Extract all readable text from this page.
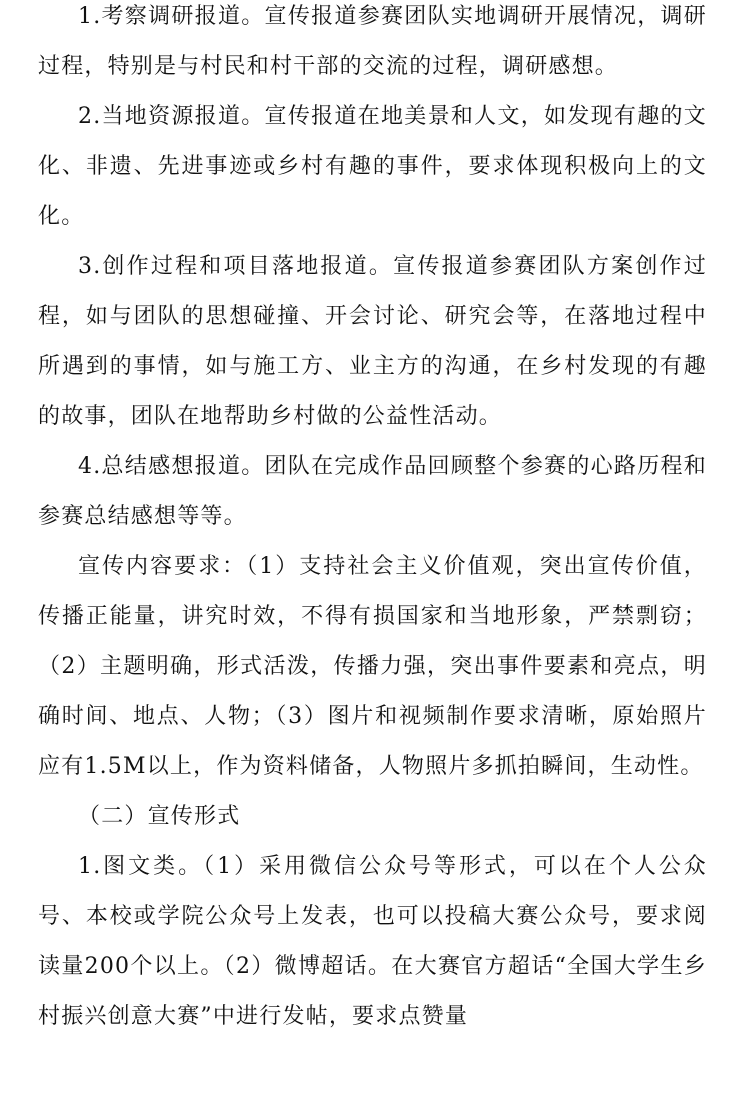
1.考察调研报道。宣传报道参赛团队实地调研开展情况，调研过程，特别是与村民和村干部的交流的过程，调研感想。

2.当地资源报道。宣传报道在地美景和人文，如发现有趣的文化、非遗、先进事迹或乡村有趣的事件，要求体现积极向上的文化。

3.创作过程和项目落地报道。宣传报道参赛团队方案创作过程，如与团队的思想碰撞、开会讨论、研究会等，在落地过程中所遇到的事情，如与施工方、业主方的沟通，在乡村发现的有趣的故事，团队在地帮助乡村做的公益性活动。

4.总结感想报道。团队在完成作品回顾整个参赛的心路历程和参赛总结感想等等。

宣传内容要求：（1）支持社会主义价值观，突出宣传价值，传播正能量，讲究时效，不得有损国家和当地形象，严禁剽窃；（2）主题明确，形式活泼，传播力强，突出事件要素和亮点，明确时间、地点、人物；（3）图片和视频制作要求清晰，原始照片应有1.5M以上，作为资料储备，人物照片多抓拍瞬间，生动性。

（二）宣传形式

1.图文类。（1）采用微信公众号等形式，可以在个人公众号、本校或学院公众号上发表，也可以投稿大赛公众号，要求阅读量200个以上。（2）微博超话。在大赛官方超话“全国大学生乡村振兴创意大赛”中进行发帖，要求点赞量
